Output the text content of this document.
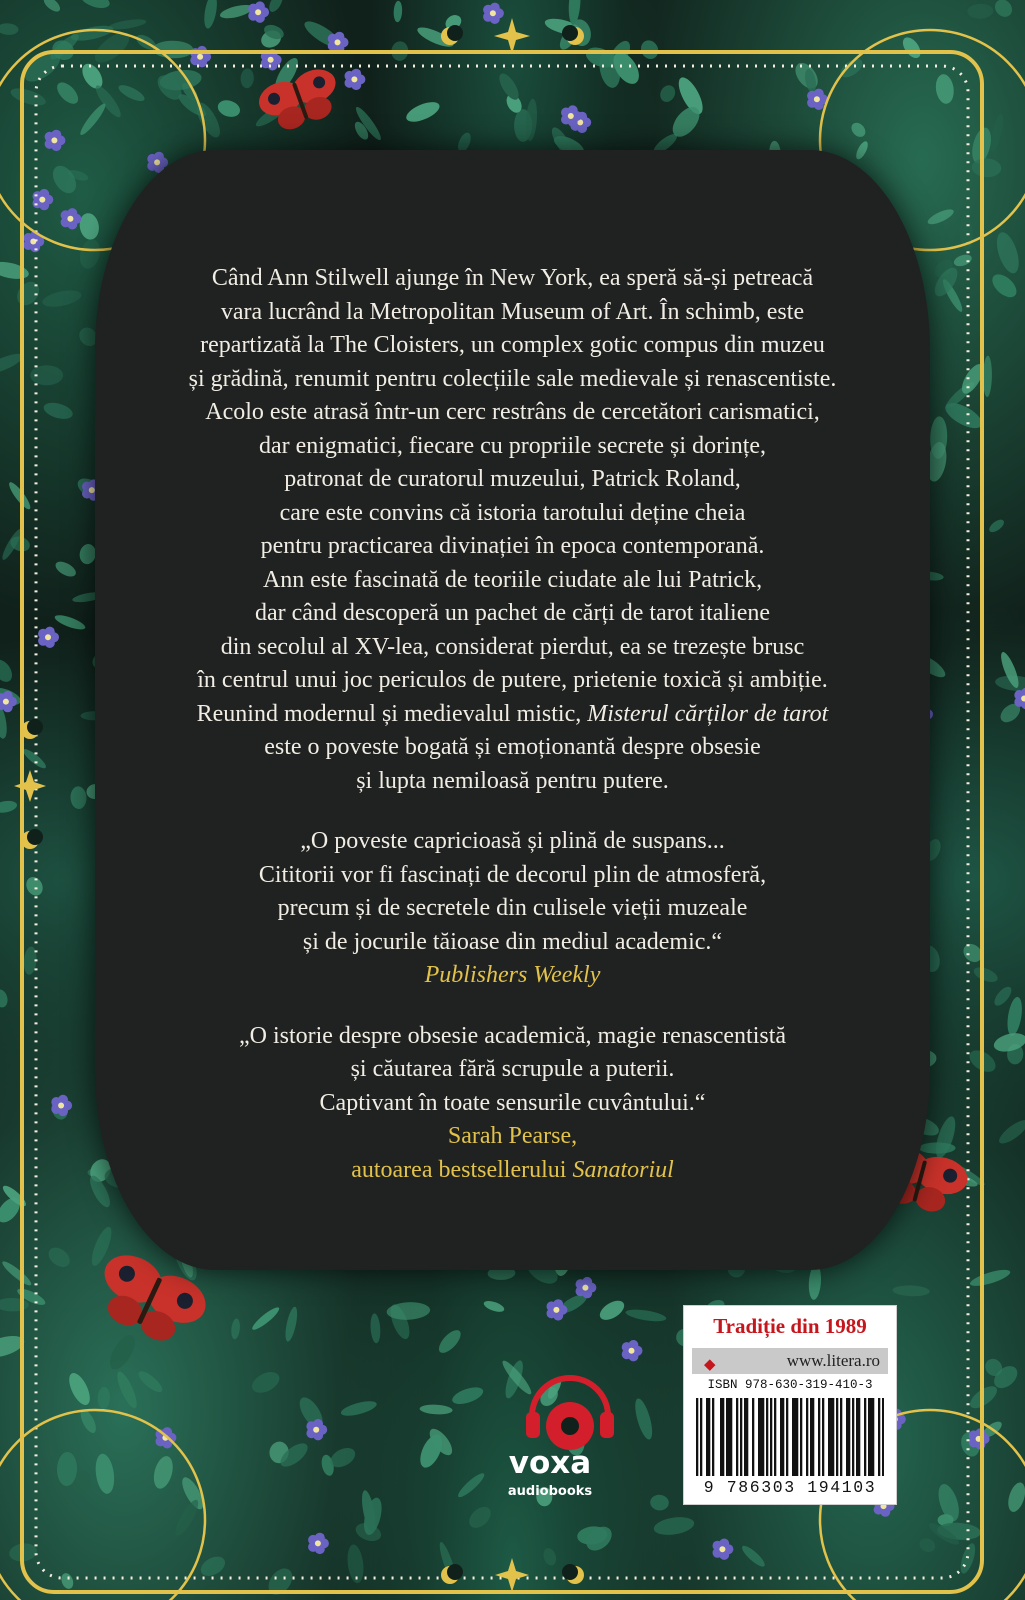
Când Ann Stilwell ajunge în New York, ea speră să-și petreacă

vara lucrând la Metropolitan Museum of Art. În schimb, este

repartizată la The Cloisters, un complex gotic compus din muzeu

și grădină, renumit pentru colecțiile sale medievale și renascentiste.

Acolo este atrasă într-un cerc restrâns de cercetători carismatici,

dar enigmatici, fiecare cu propriile secrete și dorințe,

patronat de curatorul muzeului, Patrick Roland,

care este convins că istoria tarotului deține cheia

pentru practicarea divinației în epoca contemporană.

Ann este fascinată de teoriile ciudate ale lui Patrick,

dar când descoperă un pachet de cărți de tarot italiene

din secolul al XV-lea, considerat pierdut, ea se trezește brusc

în centrul unui joc periculos de putere, prietenie toxică și ambiție.

Reunind modernul și medievalul mistic, Misterul cărților de tarot

este o poveste bogată și emoționantă despre obsesie

și lupta nemiloasă pentru putere.

„O poveste capricioasă și plină de suspans...

Cititorii vor fi fascinați de decorul plin de atmosferă,

precum și de secretele din culisele vieții muzeale

și de jocurile tăioase din mediul academic.“

Publishers Weekly

„O istorie despre obsesie academică, magie renascentistă

și căutarea fără scrupule a puterii.

Captivant în toate sensurile cuvântului.“

Sarah Pearse,

autoarea bestsellerului Sanatoriul

voxa
audiobooks
Tradiție din 1989
◆	www.litera.ro
ISBN 978-630-319-410-3
9 786303 194103
